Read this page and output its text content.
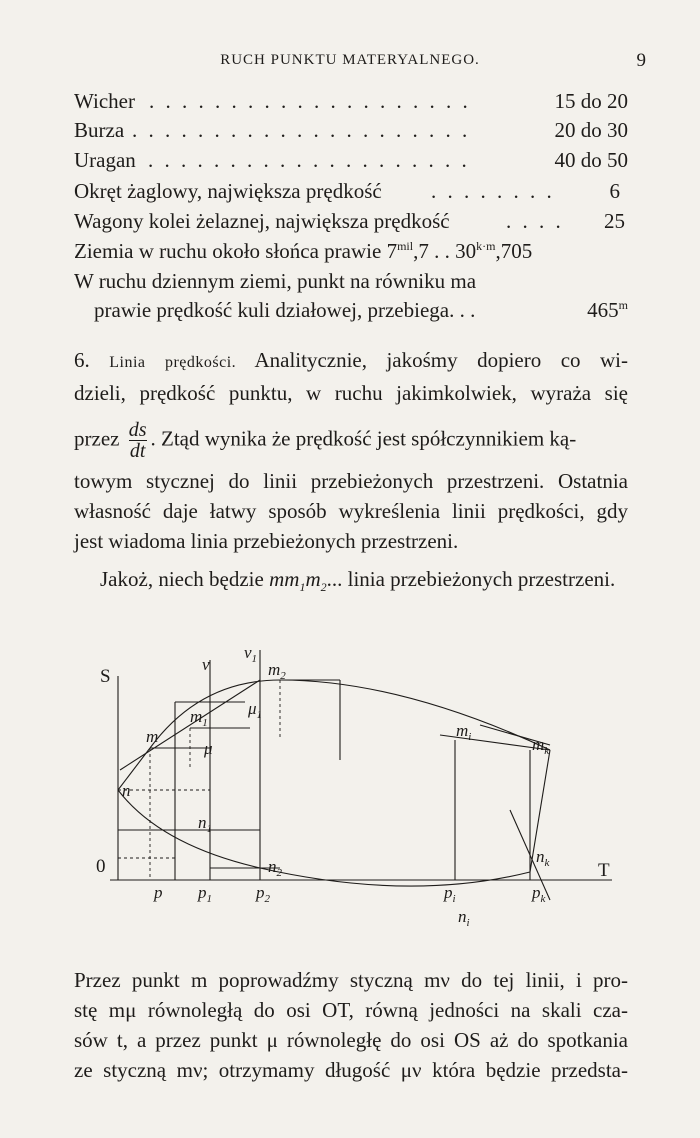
RUCH PUNKTU MATERYALNEGO.	9
Wicher . . . . . . . . . . . . . . . . . . . .	15 do 20
Burza . . . . . . . . . . . . . . . . . . . . .	20 do 30
Uragan . . . . . . . . . . . . . . . . . . . .	40 do 50
Okręt żaglowy, największa prędkość . . . . . . . .	6
Wagony kolei żelaznej, największa prędkość	. . . . 25
Ziemia w ruchu około słońca prawie $7^{mil},7$ . . $30^{k\cdot m},705$
W ruchu dziennym ziemi, punkt na równiku ma
prawie prędkość kuli działowej, przebiega. . .	465$^m$
6. Linia prędkości. Analitycznie, jakośmy dopiero co wi-
dzieli, prędkość punktu, w ruchu jakimkolwiek, wyraża się
przez $\frac{ds}{dt}$ . Ztąd wynika że prędkość jest spółczynnikiem ką-
towym stycznej do linii przebieżonych przestrzeni. Ostatnia
własność daje łatwy sposób wykreślenia linii prędkości, gdy
jest wiadoma linia przebieżonych przestrzeni.
Jakoż, niech będzie $mm_1m_2$... linia przebieżonych przestrzeni.
S
0	T
v
$v_1$
m
$m_1$
$m_2$
μ
$\mu_1$
$m_i$	$m_k$
n
$n_1$
$n_2$
$n_i$
$n_k$
p $p_1$	$p_2$	$p_i$	$p_k$
Przez punkt m poprowadźmy styczną mν do tej linii, i pro-
stę mμ równoległą do osi OT, równą jedności na skali cza-
sów t, a przez punkt μ równoległę do osi OS aż do spotkania
ze styczną mν; otrzymamy długość μν która będzie przedsta-
